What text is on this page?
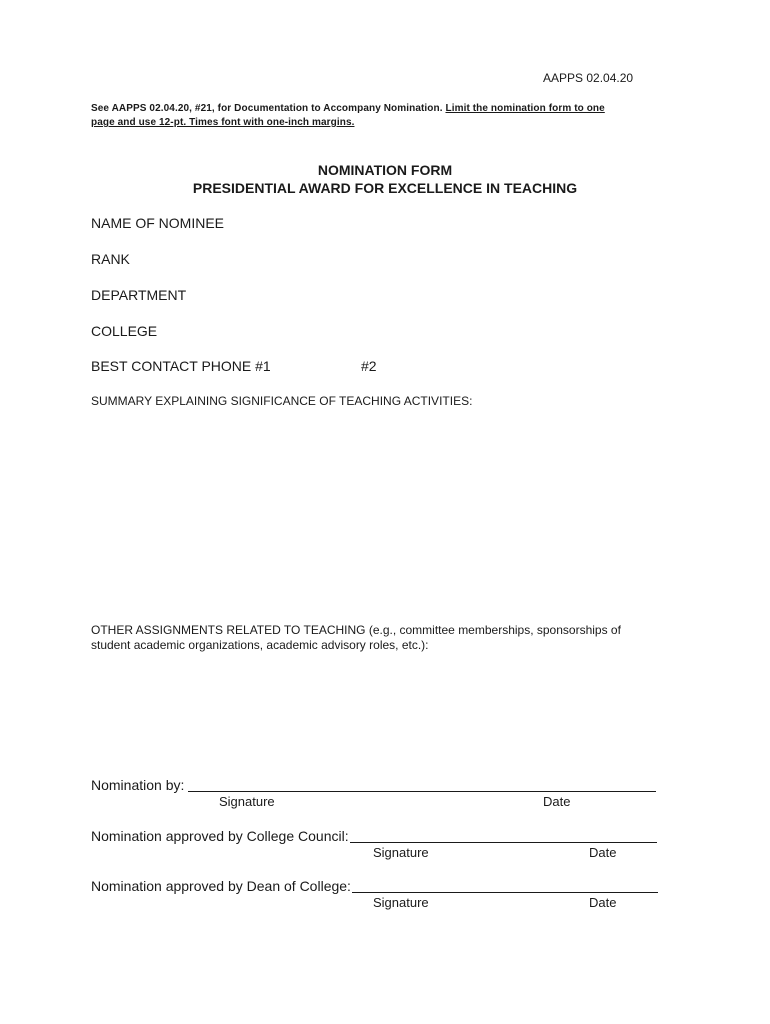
AAPPS 02.04.20
See AAPPS 02.04.20, #21, for Documentation to Accompany Nomination. Limit the nomination form to one
page and use 12-pt. Times font with one-inch margins.
NOMINATION FORM
PRESIDENTIAL AWARD FOR EXCELLENCE IN TEACHING
NAME OF NOMINEE
RANK
DEPARTMENT
COLLEGE
BEST CONTACT PHONE #1	#2
SUMMARY EXPLAINING SIGNIFICANCE OF TEACHING ACTIVITIES:
OTHER ASSIGNMENTS RELATED TO TEACHING (e.g., committee memberships, sponsorships of
student academic organizations, academic advisory roles, etc.):
Nomination by:
Signature	Date
Nomination approved by College Council:
Signature	Date
Nomination approved by Dean of College:
Signature	Date
